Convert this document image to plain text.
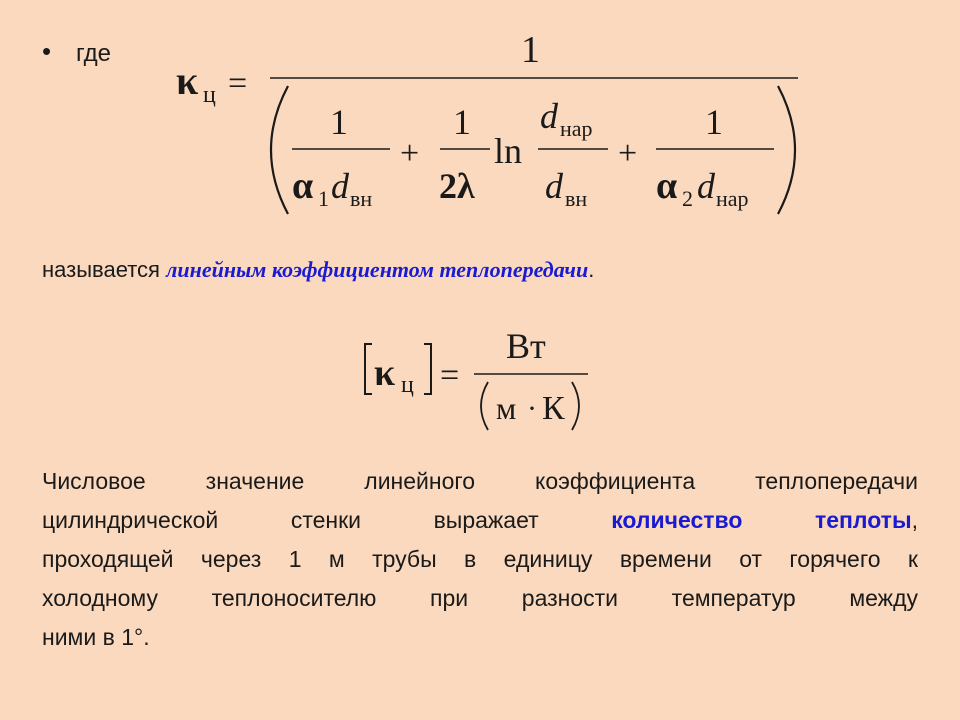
• где
κ ц =
1
1
α 1 d вн
+
1
2λ
ln
d нар
d вн
+
1
α 2 d нар
κ ц =
Вт
м · К
называется линейным коэффициентом теплопередачи.
Числовое значение линейного коэффициента теплопередачи
цилиндрической стенки выражает количество теплоты,
проходящей через 1 м трубы в единицу времени от горячего к
холодному теплоносителю при разности температур между
ними в 1°.
